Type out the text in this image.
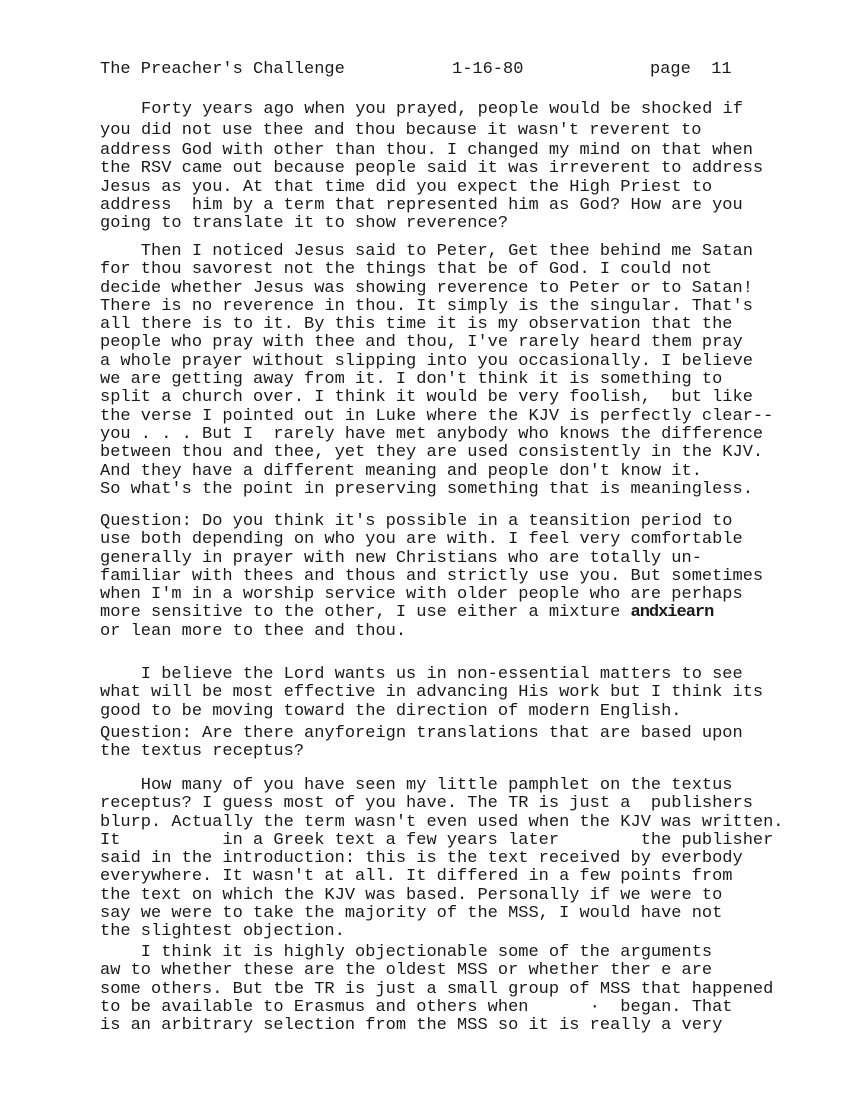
The Preacher's Challenge	1-16-80	page  11
Forty years ago when you prayed, people would be shocked if
you did not use thee and thou because it wasn't reverent to
address God with other than thou. I changed my mind on that when
the RSV came out because people said it was irreverent to address
Jesus as you. At that time did you expect the High Priest to
address  him by a term that represented him as God? How are you
going to translate it to show reverence?
Then I noticed Jesus said to Peter, Get thee behind me Satan
for thou savorest not the things that be of God. I could not
decide whether Jesus was showing reverence to Peter or to Satan!
There is no reverence in thou. It simply is the singular. That's
all there is to it. By this time it is my observation that the
people who pray with thee and thou, I've rarely heard them pray
a whole prayer without slipping into you occasionally. I believe
we are getting away from it. I don't think it is something to
split a church over. I think it would be very foolish,  but like
the verse I pointed out in Luke where the KJV is perfectly clear--
you . . . But I  rarely have met anybody who knows the difference
between thou and thee, yet they are used consistently in the KJV.
And they have a different meaning and people don't know it.
So what's the point in preserving something that is meaningless.
Question: Do you think it's possible in a teansition period to
use both depending on who you are with. I feel very comfortable
generally in prayer with new Christians who are totally un-
familiar with thees and thous and strictly use you. But sometimes
when I'm in a worship service with older people who are perhaps
more sensitive to the other, I use either a mixture andxiearn
or lean more to thee and thou.
I believe the Lord wants us in non-essential matters to see
what will be most effective in advancing His work but I think its
good to be moving toward the direction of modern English.
Question: Are there anyforeign translations that are based upon
the textus receptus?
How many of you have seen my little pamphlet on the textus
receptus? I guess most of you have. The TR is just a  publishers
blurp. Actually the term wasn't even used when the KJV was written.
It          in a Greek text a few years later        the publisher
said in the introduction: this is the text received by everbody
everywhere. It wasn't at all. It differed in a few points from
the text on which the KJV was based. Personally if we were to
say we were to take the majority of the MSS, I would have not
the slightest objection.
I think it is highly objectionable some of the arguments
aw to whether these are the oldest MSS or whether ther e are
some others. But tbe TR is just a small group of MSS that happened
to be available to Erasmus and others when      ·  began. That
is an arbitrary selection from the MSS so it is really a very
